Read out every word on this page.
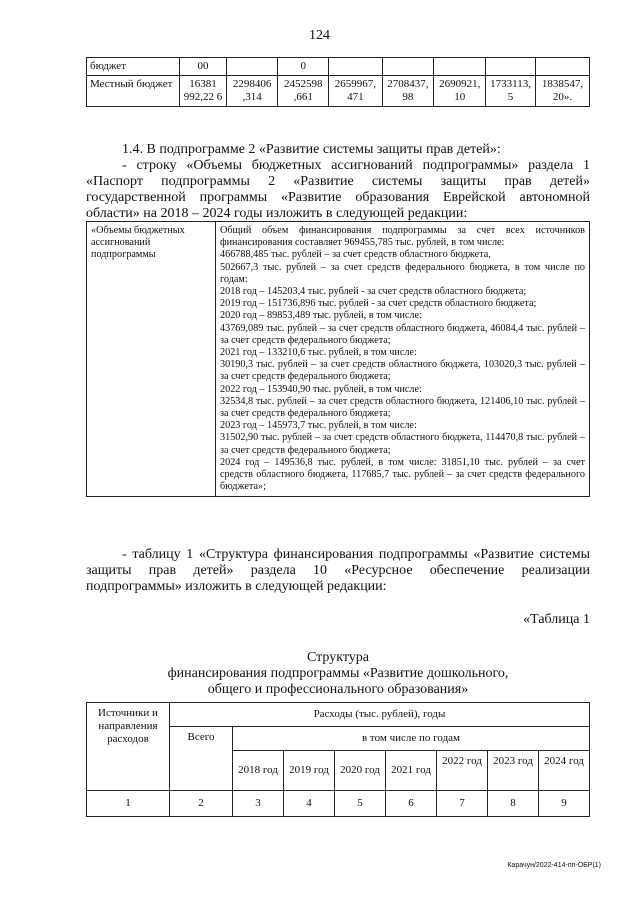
124
бюджет	00		0					
Местный бюджет	16381 992,22 6	2298406 ,314	2452598 ,661	2659967, 471	2708437, 98	2690921, 10	1733113, 5	1838547, 20».

1.4. В подпрограмме 2 «Развитие системы защиты прав детей»:

- строку «Объемы бюджетных ассигнований подпрограммы» раздела 1 «Паспорт подпрограммы 2 «Развитие системы защиты прав детей» государственной программы «Развитие образования Еврейской автономной области» на 2018 – 2024 годы изложить в следующей редакции:

«Объемы бюджетных ассигнований подпрограммы	
Общий объем финансирования подпрограммы за счет всех источников финансирования составляет 969455,785 тыс. рублей, в том числе:
466788,485 тыс. рублей – за счет средств областного бюджета,
502667,3 тыс. рублей – за счет средств федерального бюджета, в том числе по годам:
2018 год – 145203,4 тыс. рублей - за счет средств областного бюджета;
2019 год – 151736,896 тыс. рублей - за счет средств областного бюджета;
2020 год – 89853,489 тыс. рублей, в том числе:
43769,089 тыс. рублей – за счет средств областного бюджета, 46084,4 тыс. рублей – за счет средств федерального бюджета;
2021 год – 133210,6 тыс. рублей, в том числе:
30190,3 тыс. рублей – за счет средств областного бюджета, 103020,3 тыс. рублей – за счет средств федерального бюджета;
2022 год – 153940,90 тыс. рублей, в том числе:
32534,8 тыс. рублей – за счет средств областного бюджета, 121406,10 тыс. рублей – за счет средств федерального бюджета;
2023 год – 145973,7 тыс. рублей, в том числе:
31502,90 тыс. рублей – за счет средств областного бюджета, 114470,8 тыс. рублей – за счет средств федерального бюджета;
2024 год – 149536,8 тыс. рублей, в том числе: 31851,10 тыс. рублей – за счет средств областного бюджета, 117685,7 тыс. рублей – за счет средств федерального бюджета»;

- таблицу 1 «Структура финансирования подпрограммы «Развитие системы защиты прав детей» раздела 10 «Ресурсное обеспечение реализации подпрограммы» изложить в следующей редакции:

«Таблица 1
Структура
финансирования подпрограммы «Развитие дошкольного,
общего и профессионального образования»
Источники и направления расходов	Расходы (тыс. рублей), годы							
	Всего	в том числе по годам						
		2018 год	2019 год	2020 год	2021 год	2022 год	2023 год	2024 год
1	2	3	4	5	6	7	8	9
Карачун/2022-414-пп-ОБР(1)
